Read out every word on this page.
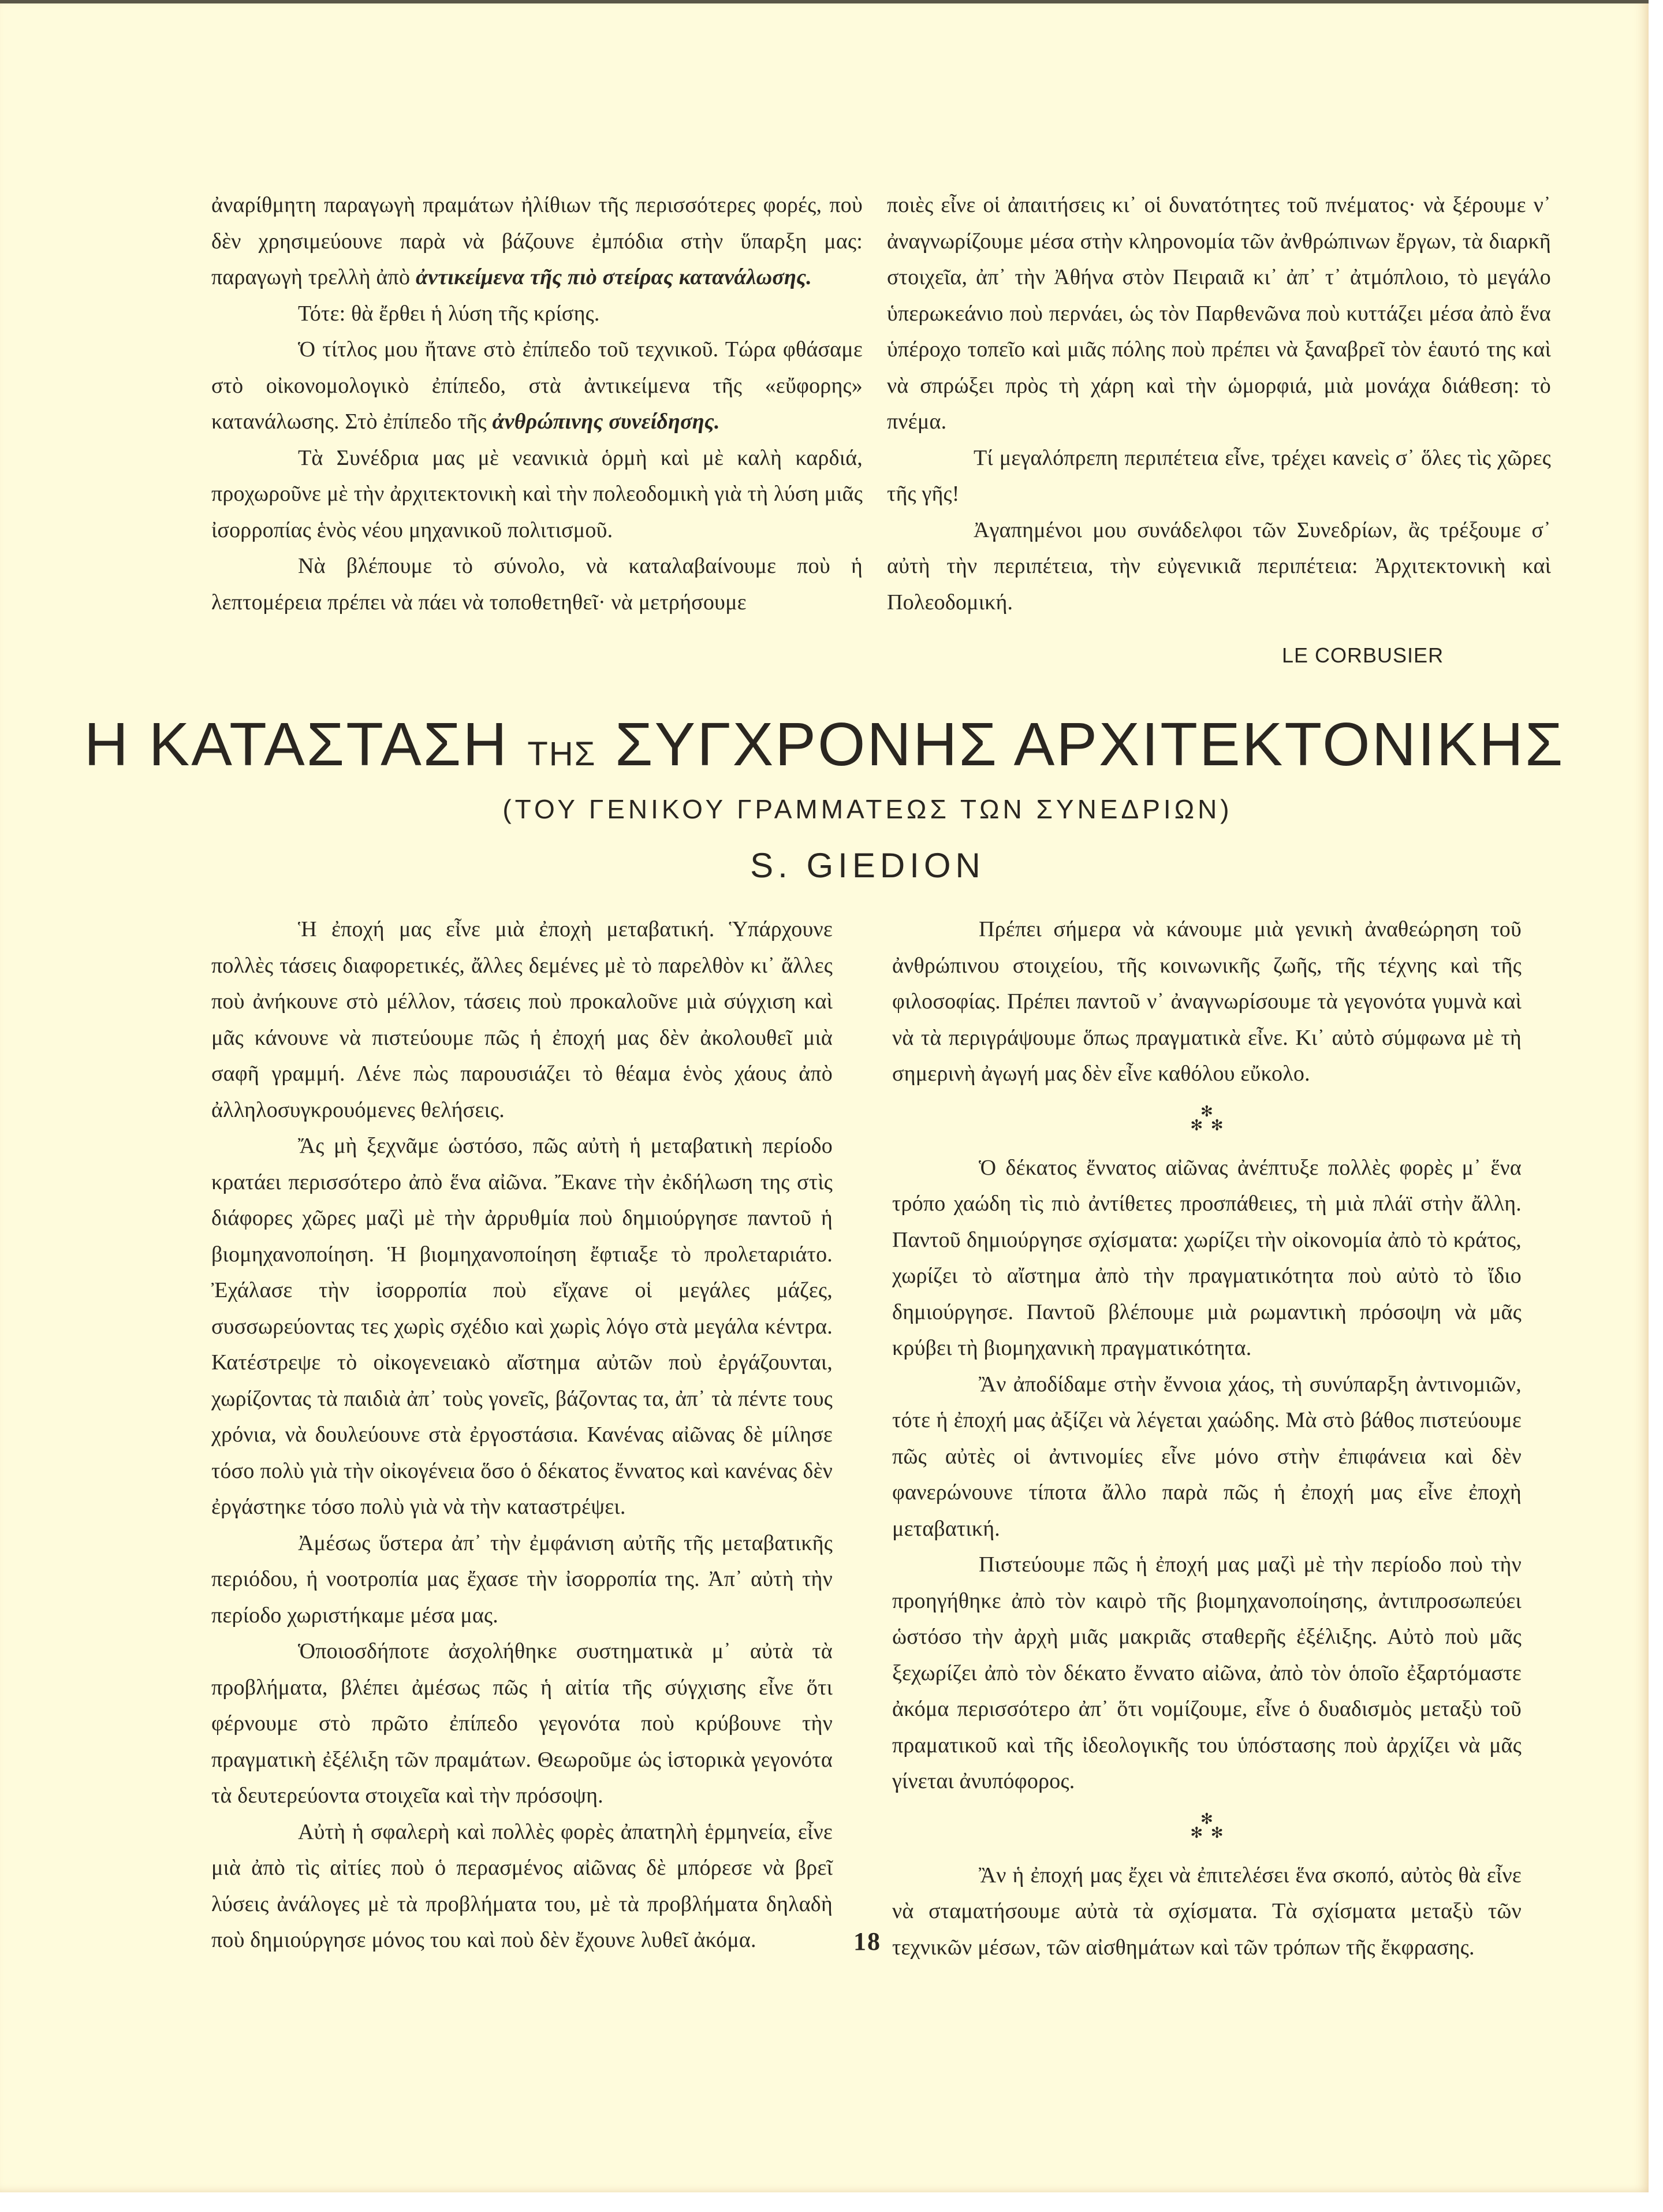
ἀναρίθμητη παραγωγὴ πραμάτων ἠλίθιων τῆς περισσότερες φορές, ποὺ δὲν χρησιμεύουνε παρὰ νὰ βάζουνε ἐμπόδια στὴν ὕπαρξη μας: παραγωγὴ τρελλὴ ἀπὸ ἀντικείμενα τῆς πιὸ στείρας κατανάλωσης.

Τότε: θὰ ἔρθει ἡ λύση τῆς κρίσης.

Ὁ τίτλος μου ἤτανε στὸ ἐπίπεδο τοῦ τεχνικοῦ. Τώρα φθάσαμε στὸ οἰκονομολογικὸ ἐπίπεδο, στὰ ἀντικείμενα τῆς «εὔφορης» κατανάλωσης. Στὸ ἐπίπεδο τῆς ἀνθρώπινης συνείδησης.

Τὰ Συνέδρια μας μὲ νεανικιὰ ὁρμὴ καὶ μὲ καλὴ καρδιά, προχωροῦνε μὲ τὴν ἀρχιτεκτονικὴ καὶ τὴν πολεοδομικὴ γιὰ τὴ λύση μιᾶς ἰσορροπίας ἑνὸς νέου μηχανικοῦ πολιτισμοῦ.

Νὰ βλέπουμε τὸ σύνολο, νὰ καταλαβαίνουμε ποὺ ἡ λεπτομέρεια πρέπει νὰ πάει νὰ τοποθετηθεῖ· νὰ μετρήσουμε

ποιὲς εἶνε οἱ ἀπαιτήσεις κι᾽ οἱ δυνατότητες τοῦ πνέματος· νὰ ξέρουμε ν᾽ ἀναγνωρίζουμε μέσα στὴν κληρονομία τῶν ἀνθρώπινων ἔργων, τὰ διαρκῆ στοιχεῖα, ἀπ᾽ τὴν Ἀθήνα στὸν Πειραιᾶ κι᾽ ἀπ᾽ τ᾽ ἀτμόπλοιο, τὸ μεγάλο ὑπερωκεάνιο ποὺ περνάει, ὡς τὸν Παρθενῶνα ποὺ κυττάζει μέσα ἀπὸ ἕνα ὑπέροχο τοπεῖο καὶ μιᾶς πόλης ποὺ πρέπει νὰ ξαναβρεῖ τὸν ἑαυτό της καὶ νὰ σπρώξει πρὸς τὴ χάρη καὶ τὴν ὡμορφιά, μιὰ μονάχα διάθεση: τὸ πνέμα.

Τί μεγαλόπρεπη περιπέτεια εἶνε, τρέχει κανεὶς σ᾽ ὅλες τὶς χῶρες τῆς γῆς!

Ἀγαπημένοι μου συνάδελφοι τῶν Συνεδρίων, ἂς τρέξουμε σ᾽ αὐτὴ τὴν περιπέτεια, τὴν εὐγενικιᾶ περιπέτεια: Ἀρχιτεκτονικὴ καὶ Πολεοδομική.

LE CORBUSIER
Η ΚΑΤΑΣΤΑΣΗ ΤΗΣ ΣΥΓΧΡΟΝΗΣ ΑΡΧΙΤΕΚΤΟΝΙΚΗΣ
(ΤΟΥ ΓΕΝΙΚΟΥ ΓΡΑΜΜΑΤΕΩΣ ΤΩΝ ΣΥΝΕΔΡΙΩΝ)
S. GIEDION

Ἡ ἐποχή μας εἶνε μιὰ ἐποχὴ μεταβατική. Ὑπάρχουνε πολλὲς τάσεις διαφορετικές, ἄλλες δεμένες μὲ τὸ παρελθὸν κι᾽ ἄλλες ποὺ ἀνήκουνε στὸ μέλλον, τάσεις ποὺ προκαλοῦνε μιὰ σύγχιση καὶ μᾶς κάνουνε νὰ πιστεύουμε πῶς ἡ ἐποχή μας δὲν ἀκολουθεῖ μιὰ σαφῆ γραμμή. Λένε πὼς παρουσιάζει τὸ θέαμα ἑνὸς χάους ἀπὸ ἀλληλοσυγκρουόμενες θελήσεις.

Ἄς μὴ ξεχνᾶμε ὡστόσο, πῶς αὐτὴ ἡ μεταβατικὴ περίοδο κρατάει περισσότερο ἀπὸ ἕνα αἰῶνα. Ἔκανε τὴν ἐκδήλωση της στὶς διάφορες χῶρες μαζὶ μὲ τὴν ἀρρυθμία ποὺ δημιούργησε παντοῦ ἡ βιομηχανοποίηση. Ἡ βιομηχανοποίηση ἔφτιαξε τὸ προλεταριάτο. Ἐχάλασε τὴν ἰσορροπία ποὺ εἴχανε οἱ μεγάλες μάζες, συσσωρεύοντας τες χωρὶς σχέδιο καὶ χωρὶς λόγο στὰ μεγάλα κέντρα. Κατέστρεψε τὸ οἰκογενειακὸ αἴστημα αὐτῶν ποὺ ἐργάζουνται, χωρίζοντας τὰ παιδιὰ ἀπ᾽ τοὺς γονεῖς, βάζοντας τα, ἀπ᾽ τὰ πέντε τους χρόνια, νὰ δουλεύουνε στὰ ἐργοστάσια. Κανένας αἰῶνας δὲ μίλησε τόσο πολὺ γιὰ τὴν οἰκογένεια ὅσο ὁ δέκατος ἔννατος καὶ κανένας δὲν ἐργάστηκε τόσο πολὺ γιὰ νὰ τὴν καταστρέψει.

Ἀμέσως ὕστερα ἀπ᾽ τὴν ἐμφάνιση αὐτῆς τῆς μεταβατικῆς περιόδου, ἡ νοοτροπία μας ἔχασε τὴν ἰσορροπία της. Ἀπ᾽ αὐτὴ τὴν περίοδο χωριστήκαμε μέσα μας.

Ὁποιοσδήποτε ἀσχολήθηκε συστηματικὰ μ᾽ αὐτὰ τὰ προβλήματα, βλέπει ἀμέσως πῶς ἡ αἰτία τῆς σύγχισης εἶνε ὅτι φέρνουμε στὸ πρῶτο ἐπίπεδο γεγονότα ποὺ κρύβουνε τὴν πραγματικὴ ἐξέλιξη τῶν πραμάτων. Θεωροῦμε ὡς ἱστορικὰ γεγονότα τὰ δευτερεύοντα στοιχεῖα καὶ τὴν πρόσοψη.

Αὐτὴ ἡ σφαλερὴ καὶ πολλὲς φορὲς ἀπατηλὴ ἑρμηνεία, εἶνε μιὰ ἀπὸ τὶς αἰτίες ποὺ ὁ περασμένος αἰῶνας δὲ μπόρεσε νὰ βρεῖ λύσεις ἀνάλογες μὲ τὰ προβλήματα του, μὲ τὰ προβλήματα δηλαδὴ ποὺ δημιούργησε μόνος του καὶ ποὺ δὲν ἔχουνε λυθεῖ ἀκόμα.

Πρέπει σήμερα νὰ κάνουμε μιὰ γενικὴ ἀναθεώρηση τοῦ ἀνθρώπινου στοιχείου, τῆς κοινωνικῆς ζωῆς, τῆς τέχνης καὶ τῆς φιλοσοφίας. Πρέπει παντοῦ ν᾽ ἀναγνωρίσουμε τὰ γεγονότα γυμνὰ καὶ νὰ τὰ περιγράψουμε ὅπως πραγματικὰ εἶνε. Κι᾽ αὐτὸ σύμφωνα μὲ τὴ σημερινὴ ἀγωγή μας δὲν εἶνε καθόλου εὔκολο.

✻
✻  ✻

Ὁ δέκατος ἔννατος αἰῶνας ἀνέπτυξε πολλὲς φορὲς μ᾽ ἕνα τρόπο χαώδη τὶς πιὸ ἀντίθετες προσπάθειες, τὴ μιὰ πλάϊ στὴν ἄλλη. Παντοῦ δημιούργησε σχίσματα: χωρίζει τὴν οἰκονομία ἀπὸ τὸ κράτος, χωρίζει τὸ αἴστημα ἀπὸ τὴν πραγματικότητα ποὺ αὐτὸ τὸ ἴδιο δημιούργησε. Παντοῦ βλέπουμε μιὰ ρωμαντικὴ πρόσοψη νὰ μᾶς κρύβει τὴ βιομηχανικὴ πραγματικότητα.

Ἂν ἀποδίδαμε στὴν ἔννοια χάος, τὴ συνύπαρξη ἀντινομιῶν, τότε ἡ ἐποχή μας ἀξίζει νὰ λέγεται χαώδης. Μὰ στὸ βάθος πιστεύουμε πῶς αὐτὲς οἱ ἀντινομίες εἶνε μόνο στὴν ἐπιφάνεια καὶ δὲν φανερώνουνε τίποτα ἄλλο παρὰ πῶς ἡ ἐποχή μας εἶνε ἐποχὴ μεταβατική.

Πιστεύουμε πῶς ἡ ἐποχή μας μαζὶ μὲ τὴν περίοδο ποὺ τὴν προηγήθηκε ἀπὸ τὸν καιρὸ τῆς βιομηχανοποίησης, ἀντιπροσωπεύει ὡστόσο τὴν ἀρχὴ μιᾶς μακριᾶς σταθερῆς ἐξέλιξης. Αὐτὸ ποὺ μᾶς ξεχωρίζει ἀπὸ τὸν δέκατο ἔννατο αἰῶνα, ἀπὸ τὸν ὁποῖο ἐξαρτόμαστε ἀκόμα περισσότερο ἀπ᾽ ὅτι νομίζουμε, εἶνε ὁ δυαδισμὸς μεταξὺ τοῦ πραματικοῦ καὶ τῆς ἰδεολογικῆς του ὑπόστασης ποὺ ἀρχίζει νὰ μᾶς γίνεται ἀνυπόφορος.

✻
✻  ✻

Ἂν ἡ ἐποχή μας ἔχει νὰ ἐπιτελέσει ἕνα σκοπό, αὐτὸς θὰ εἶνε νὰ σταματήσουμε αὐτὰ τὰ σχίσματα. Τὰ σχίσματα μεταξὺ τῶν τεχνικῶν μέσων, τῶν αἰσθημάτων καὶ τῶν τρόπων τῆς ἔκφρασης.

18
